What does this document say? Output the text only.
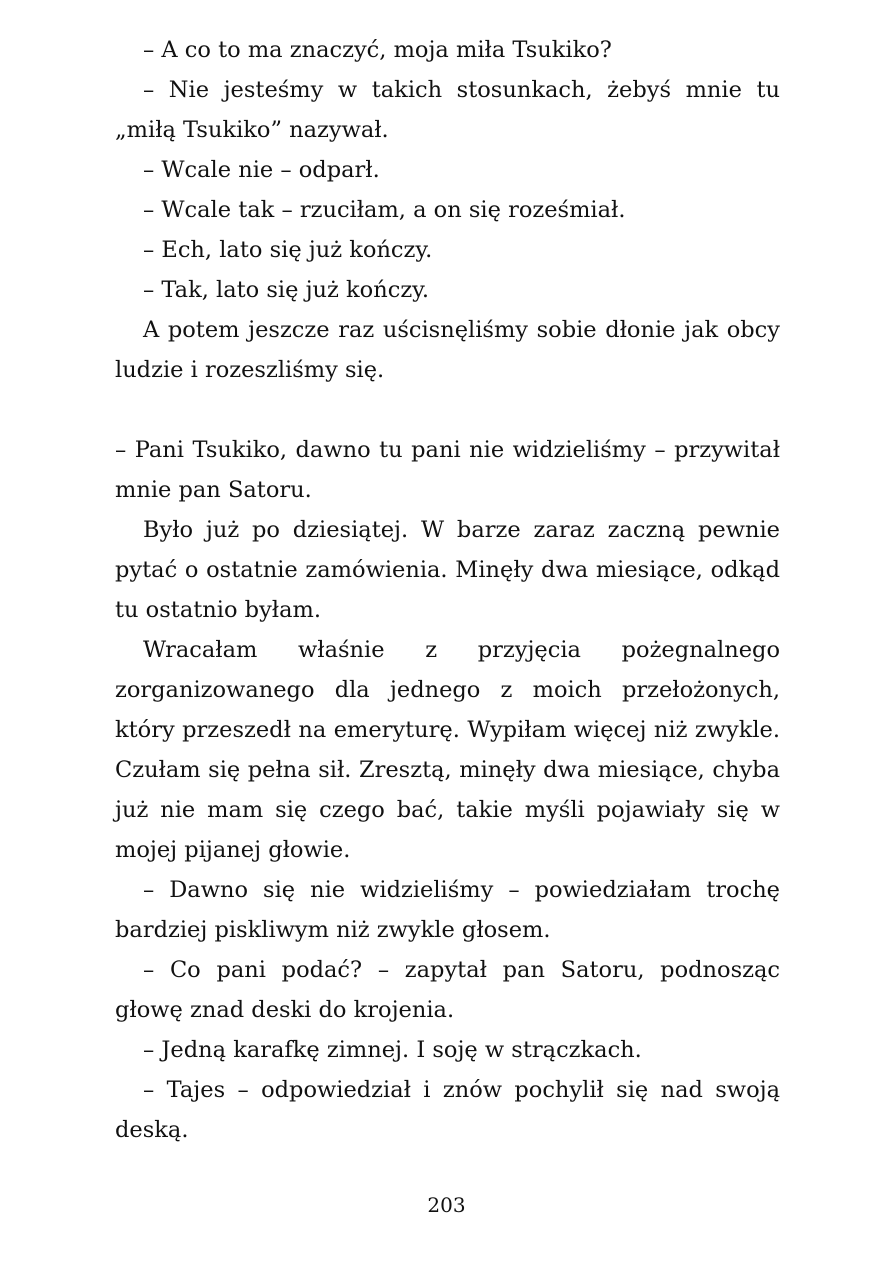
– A co to ma znaczyć, moja miła Tsukiko?

– Nie jesteśmy w takich stosunkach, żebyś mnie tu „miłą Tsukiko” nazywał.

– Wcale nie – odparł.

– Wcale tak – rzuciłam, a on się roześmiał.

– Ech, lato się już kończy.

– Tak, lato się już kończy.

A potem jeszcze raz uścisnęliśmy sobie dłonie jak obcy ludzie i rozeszliśmy się.

– Pani Tsukiko, dawno tu pani nie widzieliśmy – przywitał mnie pan Satoru.

Było już po dziesiątej. W barze zaraz zaczną pewnie pytać o ostatnie zamówienia. Minęły dwa miesiące, odkąd tu ostatnio byłam.

Wracałam właśnie z przyjęcia pożegnalnego zorganizowanego dla jednego z moich przełożonych, który przeszedł na emeryturę. Wypiłam więcej niż zwykle. Czułam się pełna sił. Zresztą, minęły dwa miesiące, chyba już nie mam się czego bać, takie myśli pojawiały się w mojej pijanej głowie.

– Dawno się nie widzieliśmy – powiedziałam trochę bardziej piskliwym niż zwykle głosem.

– Co pani podać? – zapytał pan Satoru, podnosząc głowę znad deski do krojenia.

– Jedną karafkę zimnej. I soję w strączkach.

– Tajes – odpowiedział i znów pochylił się nad swoją deską.

203
